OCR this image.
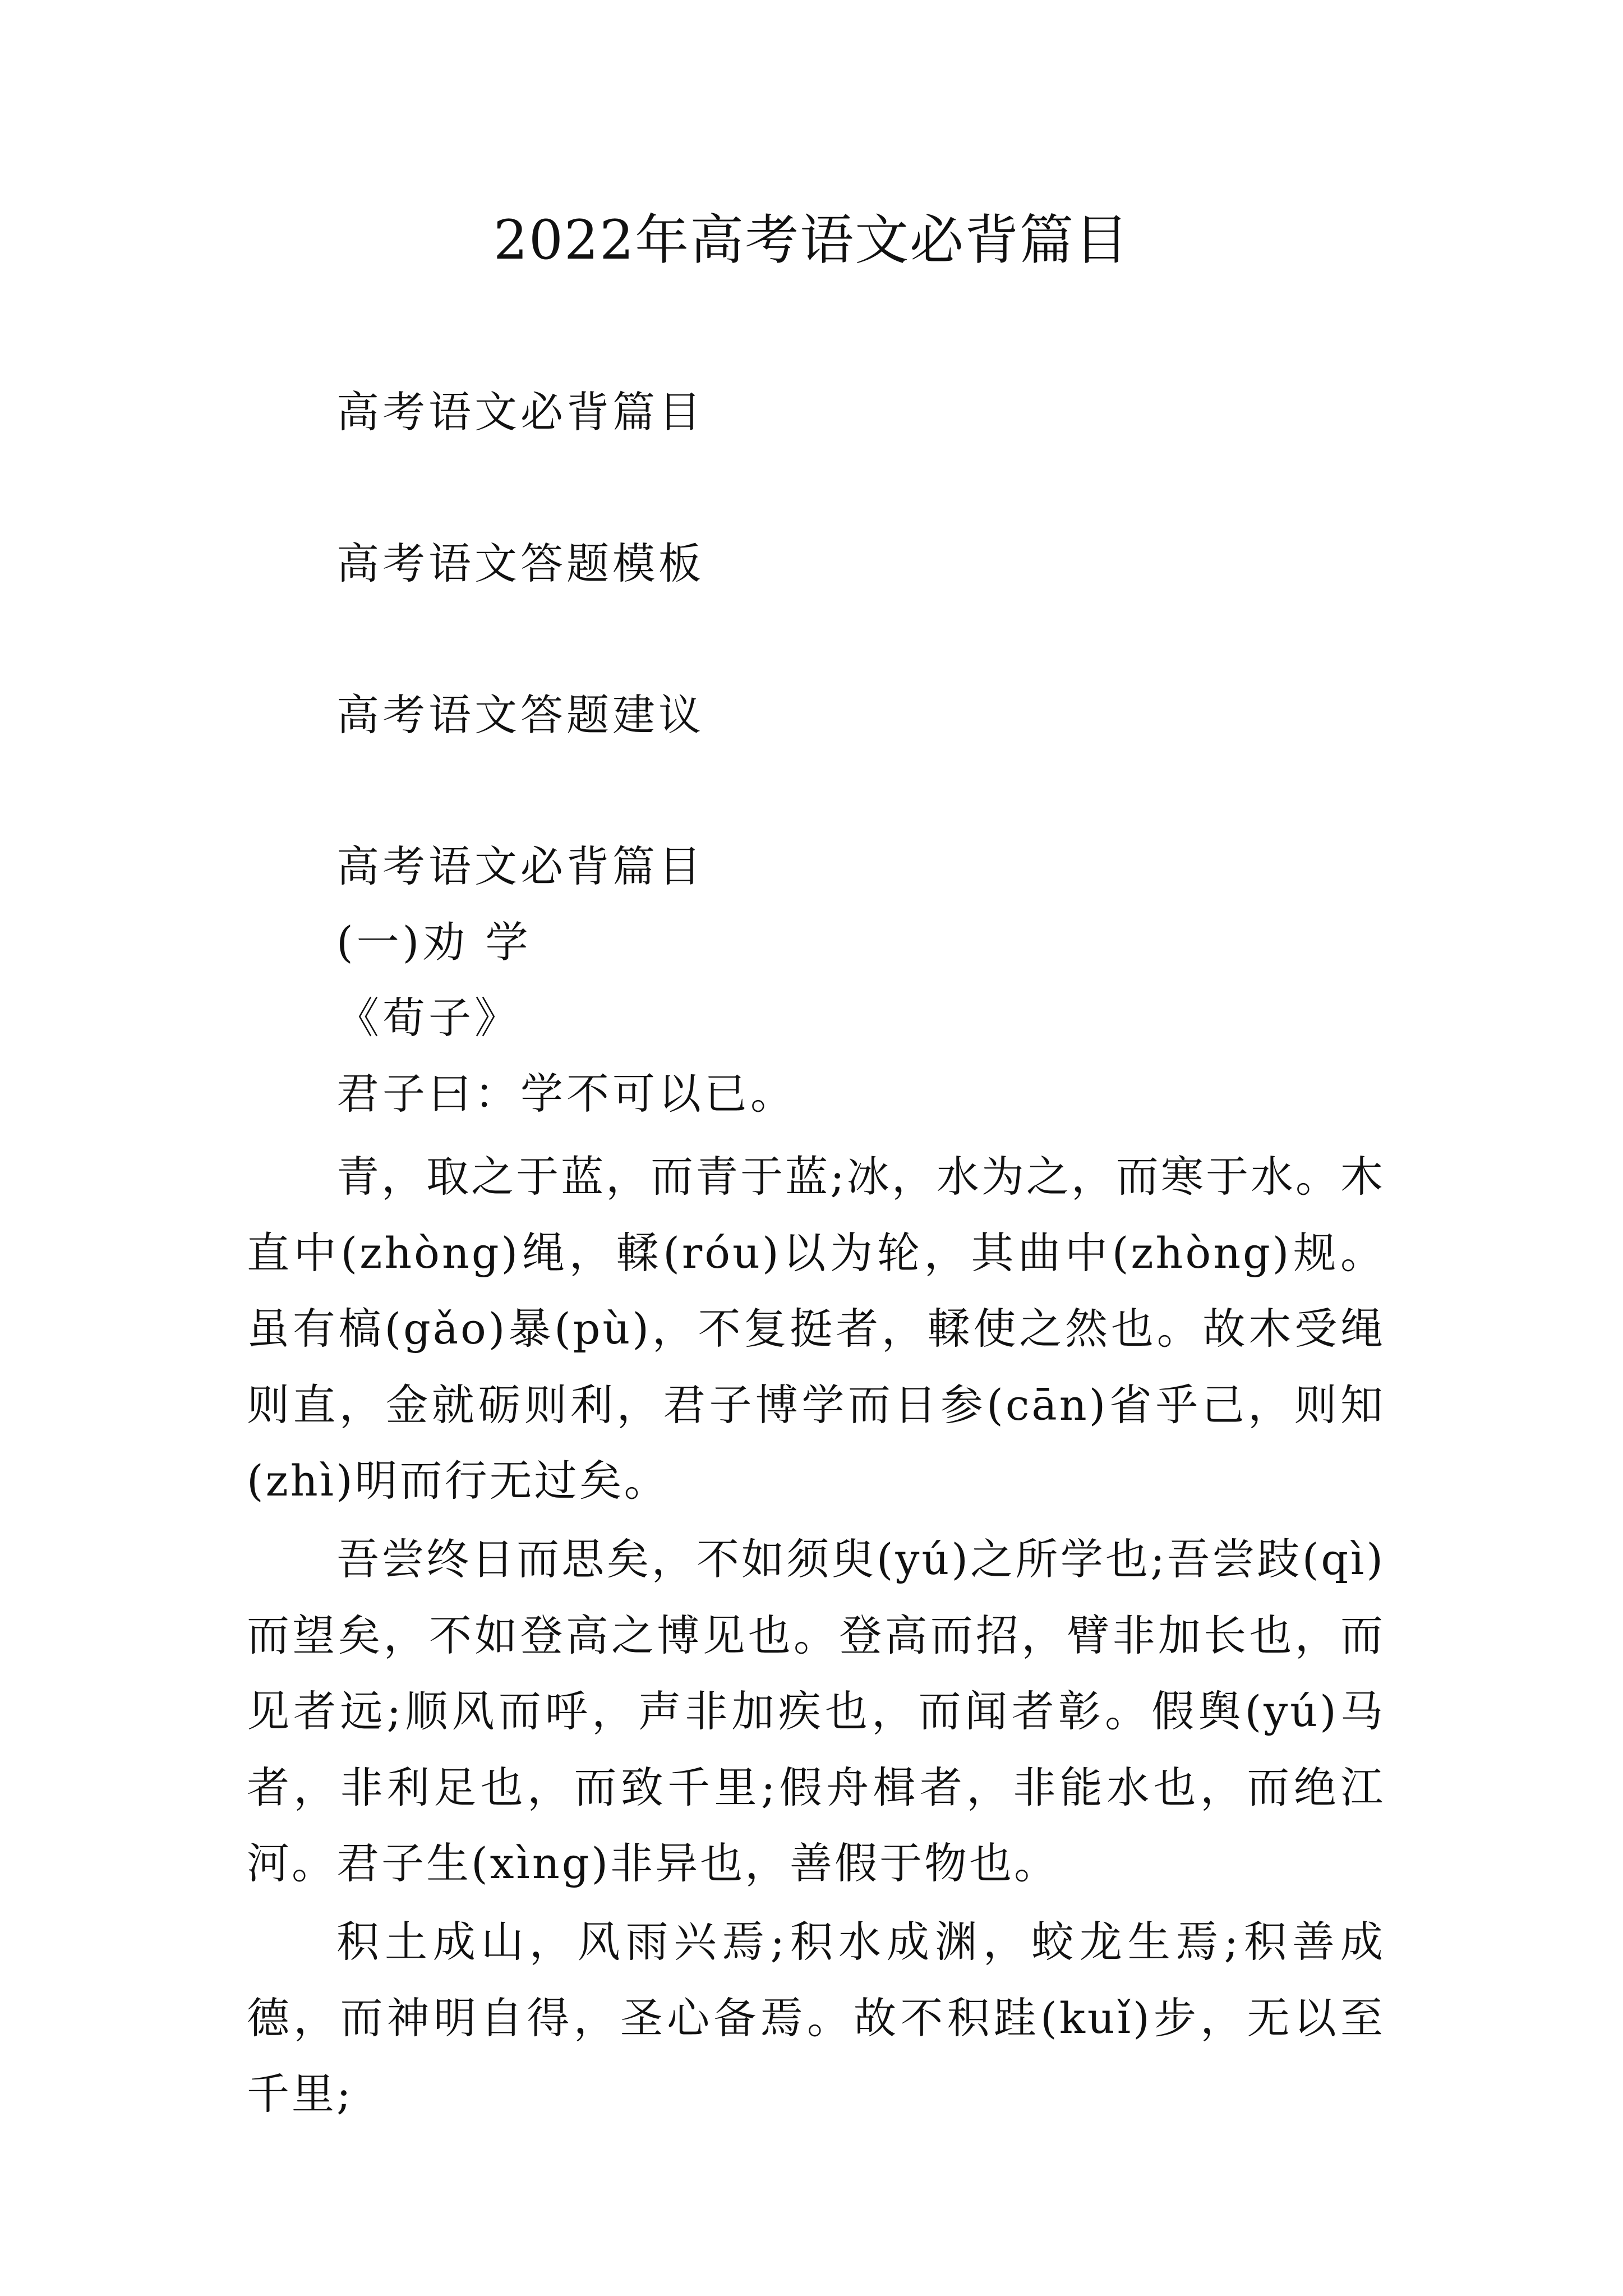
2022年高考语文必背篇目
高考语文必背篇目
高考语文答题模板
高考语文答题建议
高考语文必背篇目
(一)劝 学
《荀子》
君子曰：学不可以已。
青，取之于蓝，而青于蓝;冰，水为之，而寒于水。木直中(zhòng)绳，輮(róu)以为轮，其曲中(zhòng)规。虽有槁(gǎo)暴(pù)，不复挺者，輮使之然也。故木受绳则直，金就砺则利，君子博学而日参(cān)省乎己，则知(zhì)明而行无过矣。
吾尝终日而思矣，不如须臾(yú)之所学也;吾尝跂(qì)而望矣，不如登高之博见也。登高而招，臂非加长也，而见者远;顺风而呼，声非加疾也，而闻者彰。假舆(yú)马者，非利足也，而致千里;假舟楫者，非能水也，而绝江河。君子生(xìng)非异也，善假于物也。
积土成山，风雨兴焉;积水成渊，蛟龙生焉;积善成德，而神明自得，圣心备焉。故不积跬(kuǐ)步，无以至千里;
